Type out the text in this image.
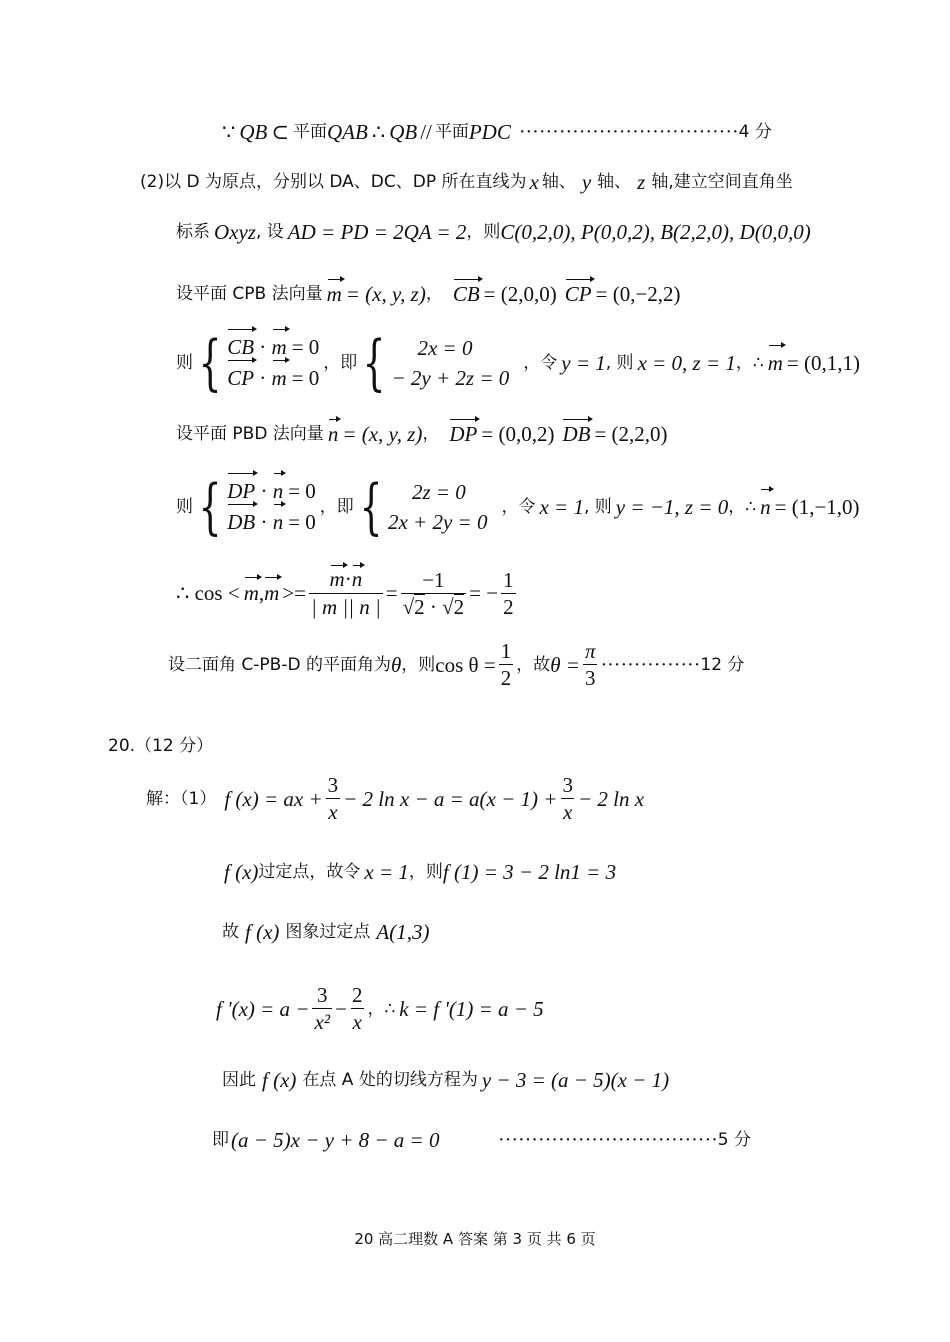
∵ QB ⊂ 平面 QAB ∴ QB // 平面 PDC ································· 4 分
(2)以 D 为原点，分别以 DA、DC、DP 所在直线为 x 轴、 y 轴、 z 轴,建立空间直角坐
标系 Oxyz , 设 AD = PD = 2QA = 2 ，则 C(0,2,0), P(0,0,2), B(2,2,0), D(0,0,0)
设平面 CPB 法向量 m = (x, y, z) ， CB = (2,0,0) CP = (0,−2,2)
则 { CB · m = 0
CP · m = 0
，即 {	2x = 0
− 2y + 2z = 0
，令 y = 1 , 则 x = 0, z = 1 ，∴ m = (0,1,1)
设平面 PBD 法向量 n = (x, y, z) ， DP = (0,0,2) DB = (2,2,0)
则 { DP · n = 0
DB · n = 0
，即 {	2z = 0
2x + 2y = 0
，令 x = 1 , 则 y = −1, z = 0 ，∴ n = (1,−1,0)
∴ cos < m , $m >= \frac{m\cdot n}{| m || n |} = \frac{-1}{√2 \cdot √2}$ = − $\frac{1}{2}$
设二面角 C-PB-D 的平面角为 θ ，则 $\cos \theta = \frac{1}{2}$ ，故 $\theta = \frac{\pi}{3}$ ··············· 12 分
20.（12 分）
解：（1） f (x) = ax + $\frac{3}{x} - 2$ $\ln x - a = a(x - 1) + \frac{3}{x} - 2$ ln x
f (x) 过定点，故令 x = 1 ，则 f (1) = 3 − 2 ln1 = 3
故 f (x) 图象过定点 A(1,3)
f '$(x) = a - \frac{3}{\text{x²}} - \frac{2}{x}$ ，∴ k = f '(1) = a − 5
因此 f (x) 在点 A 处的切线方程为 y − 3 = (a − 5)(x − 1)
即 (a − 5)x − y + 8 − a = 0	································· 5 分
20 高二理数 A 答案 第 3 页 共 6 页
